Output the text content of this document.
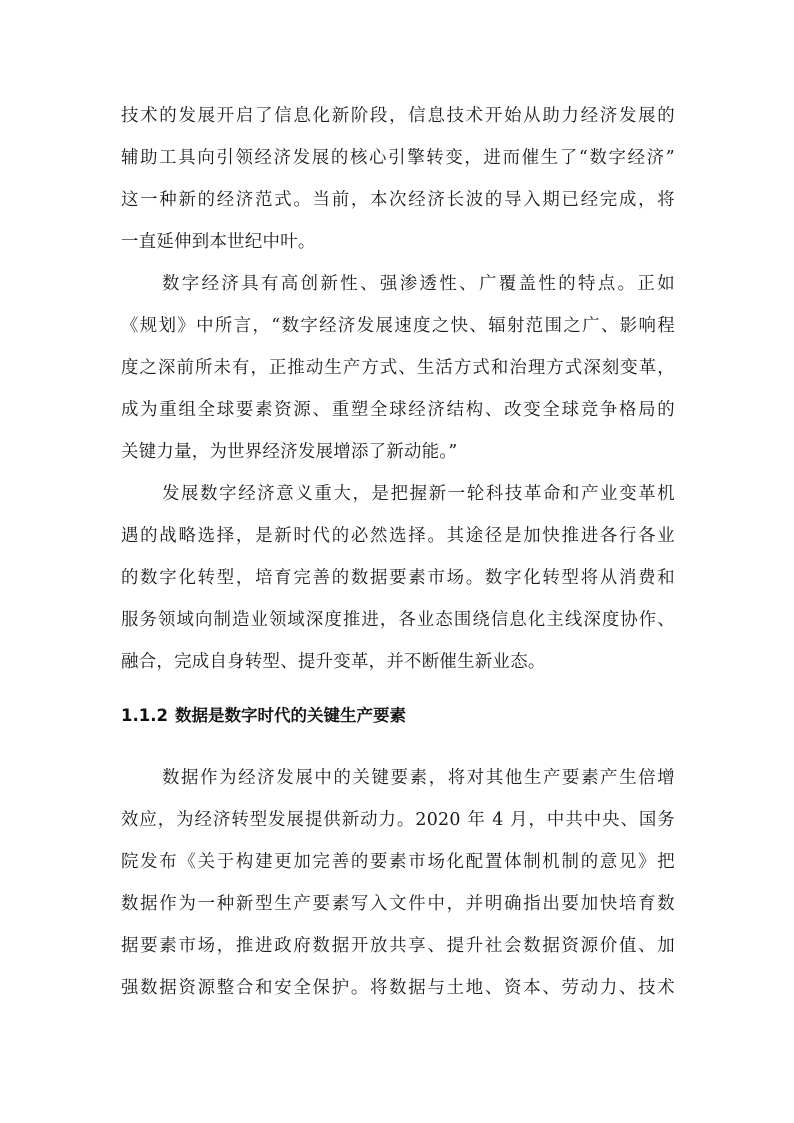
技术的发展开启了信息化新阶段，信息技术开始从助力经济发展的
辅助工具向引领经济发展的核心引擎转变，进而催生了“数字经济”
这一种新的经济范式。当前，本次经济长波的导入期已经完成，将
一直延伸到本世纪中叶。
数字经济具有高创新性、强渗透性、广覆盖性的特点。正如
《规划》中所言，“数字经济发展速度之快、辐射范围之广、影响程
度之深前所未有，正推动生产方式、生活方式和治理方式深刻变革，
成为重组全球要素资源、重塑全球经济结构、改变全球竞争格局的
关键力量，为世界经济发展增添了新动能。”
发展数字经济意义重大，是把握新一轮科技革命和产业变革机
遇的战略选择，是新时代的必然选择。其途径是加快推进各行各业
的数字化转型，培育完善的数据要素市场。数字化转型将从消费和
服务领域向制造业领域深度推进，各业态围绕信息化主线深度协作、
融合，完成自身转型、提升变革，并不断催生新业态。
1.1.2 数据是数字时代的关键生产要素
数据作为经济发展中的关键要素，将对其他生产要素产生倍增
效应，为经济转型发展提供新动力。2020 年 4 月，中共中央、国务
院发布《关于构建更加完善的要素市场化配置体制机制的意见》把
数据作为一种新型生产要素写入文件中，并明确指出要加快培育数
据要素市场，推进政府数据开放共享、提升社会数据资源价值、加
强数据资源整合和安全保护。将数据与土地、资本、劳动力、技术
